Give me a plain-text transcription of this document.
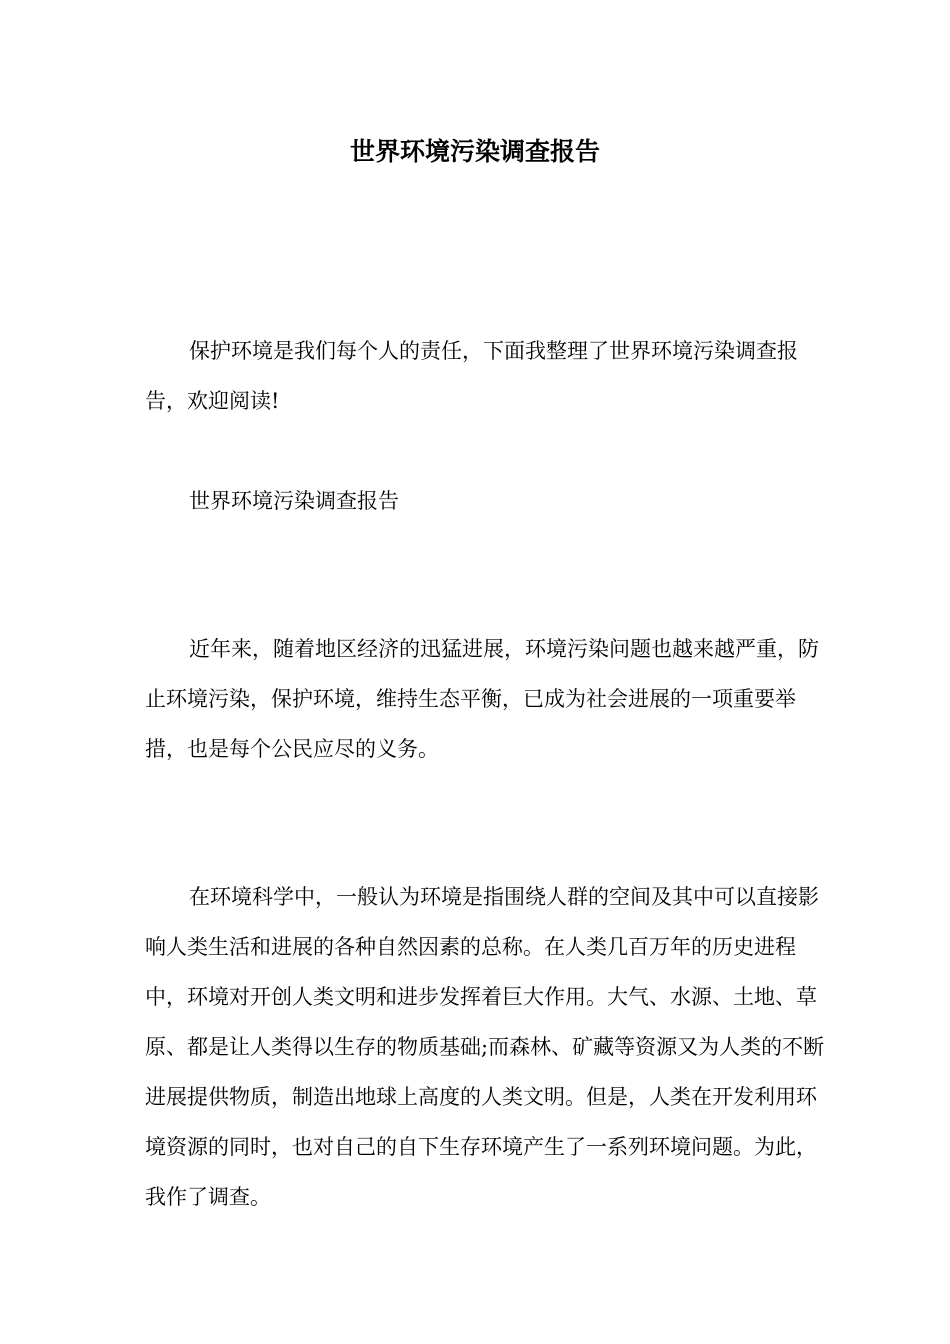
世界环境污染调查报告

保护环境是我们每个人的责任，下面我整理了世界环境污染调查报告，欢迎阅读!

世界环境污染调查报告

近年来，随着地区经济的迅猛进展，环境污染问题也越来越严重，防止环境污染，保护环境，维持生态平衡，已成为社会进展的一项重要举措，也是每个公民应尽的义务。

在环境科学中，一般认为环境是指围绕人群的空间及其中可以直接影响人类生活和进展的各种自然因素的总称。在人类几百万年的历史进程中，环境对开创人类文明和进步发挥着巨大作用。大气、水源、土地、草原、都是让人类得以生存的物质基础;而森林、矿藏等资源又为人类的不断进展提供物质，制造出地球上高度的人类文明。但是，人类在开发利用环境资源的同时，也对自己的自下生存环境产生了一系列环境问题。为此，我作了调查。
